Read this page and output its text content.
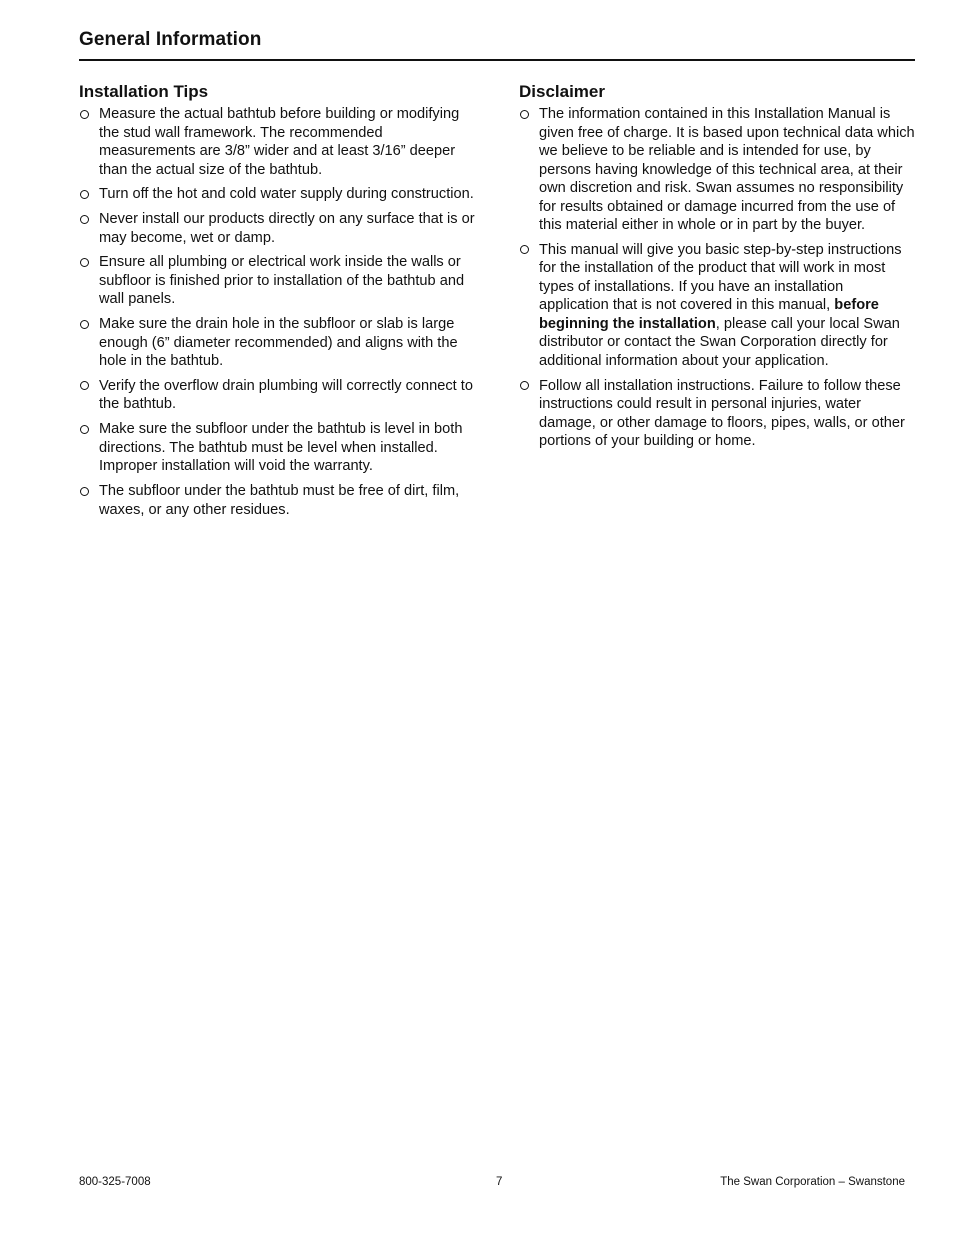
General Information
Installation Tips
Measure the actual bathtub before building or modifying the stud wall framework. The recommended measurements are 3/8” wider and at least 3/16” deeper than the actual size of the bathtub.
Turn off the hot and cold water supply during construction.
Never install our products directly on any surface that is or may become, wet or damp.
Ensure all plumbing or electrical work inside the walls or subfloor is finished prior to installation of the bathtub and wall panels.
Make sure the drain hole in the subfloor or slab is large enough (6” diameter recommended) and aligns with the hole in the bathtub.
Verify the overflow drain plumbing will correctly connect to the bathtub.
Make sure the subfloor under the bathtub is level in both directions. The bathtub must be level when installed. Improper installation will void the warranty.
The subfloor under the bathtub must be free of dirt, film, waxes, or any other residues.
Disclaimer
The information contained in this Installation Manual is given free of charge. It is based upon technical data which we believe to be reliable and is intended for use, by persons having knowledge of this technical area, at their own discretion and risk. Swan assumes no responsibility for results obtained or damage incurred from the use of this material either in whole or in part by the buyer.
This manual will give you basic step-by-step instructions for the installation of the product that will work in most types of installations. If you have an installation application that is not covered in this manual, before beginning the installation, please call your local Swan distributor or contact the Swan Corporation directly for additional information about your application.
Follow all installation instructions. Failure to follow these instructions could result in personal injuries, water damage, or other damage to floors, pipes, walls, or other portions of your building or home.
800-325-7008	7	The Swan Corporation – Swanstone
